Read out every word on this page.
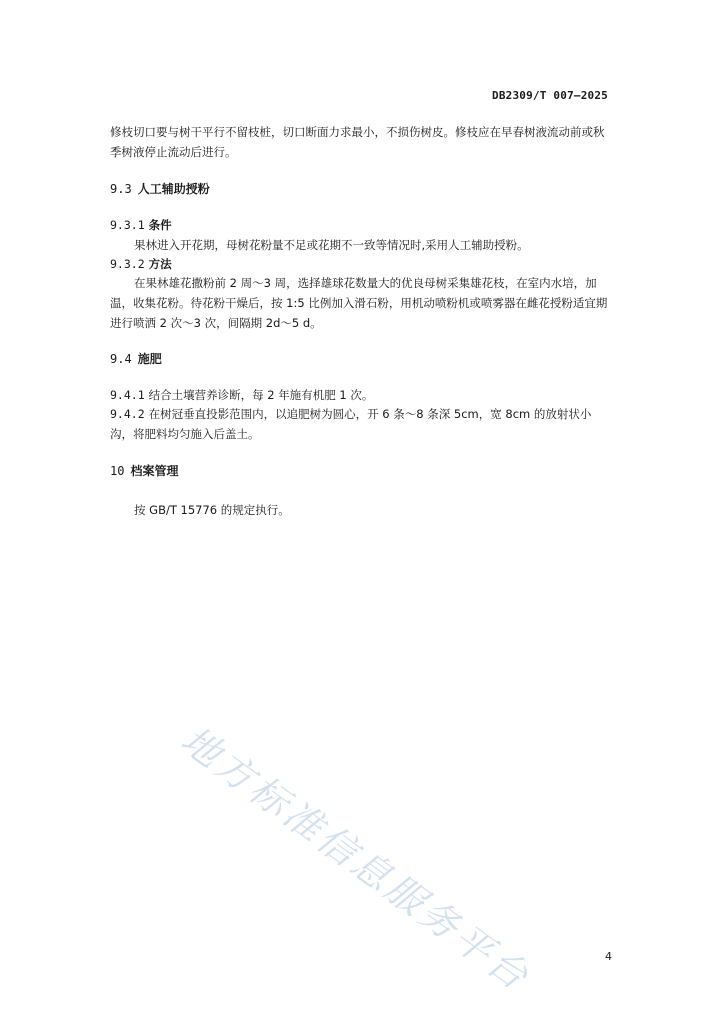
DB2309/T 007—2025
修枝切口要与树干平行不留枝桩，切口断面力求最小，不损伤树皮。修枝应在早春树液流动前或秋季树液停止流动后进行。
9.3 人工辅助授粉
9.3.1 条件
果林进入开花期，母树花粉量不足或花期不一致等情况时,采用人工辅助授粉。
9.3.2 方法
在果林雄花撒粉前 2 周～3 周，选择雄球花数量大的优良母树采集雄花枝，在室内水培，加温，收集花粉。待花粉干燥后，按 1:5 比例加入滑石粉，用机动喷粉机或喷雾器在雌花授粉适宜期进行喷洒 2 次～3 次，间隔期 2d～5 d。
9.4 施肥
9.4.1 结合土壤营养诊断，每 2 年施有机肥 1 次。
9.4.2 在树冠垂直投影范围内，以追肥树为圆心，开 6 条～8 条深 5cm，宽 8cm 的放射状小沟，将肥料均匀施入后盖土。
10 档案管理
按 GB/T 15776 的规定执行。
地方标准信息服务平台	4
